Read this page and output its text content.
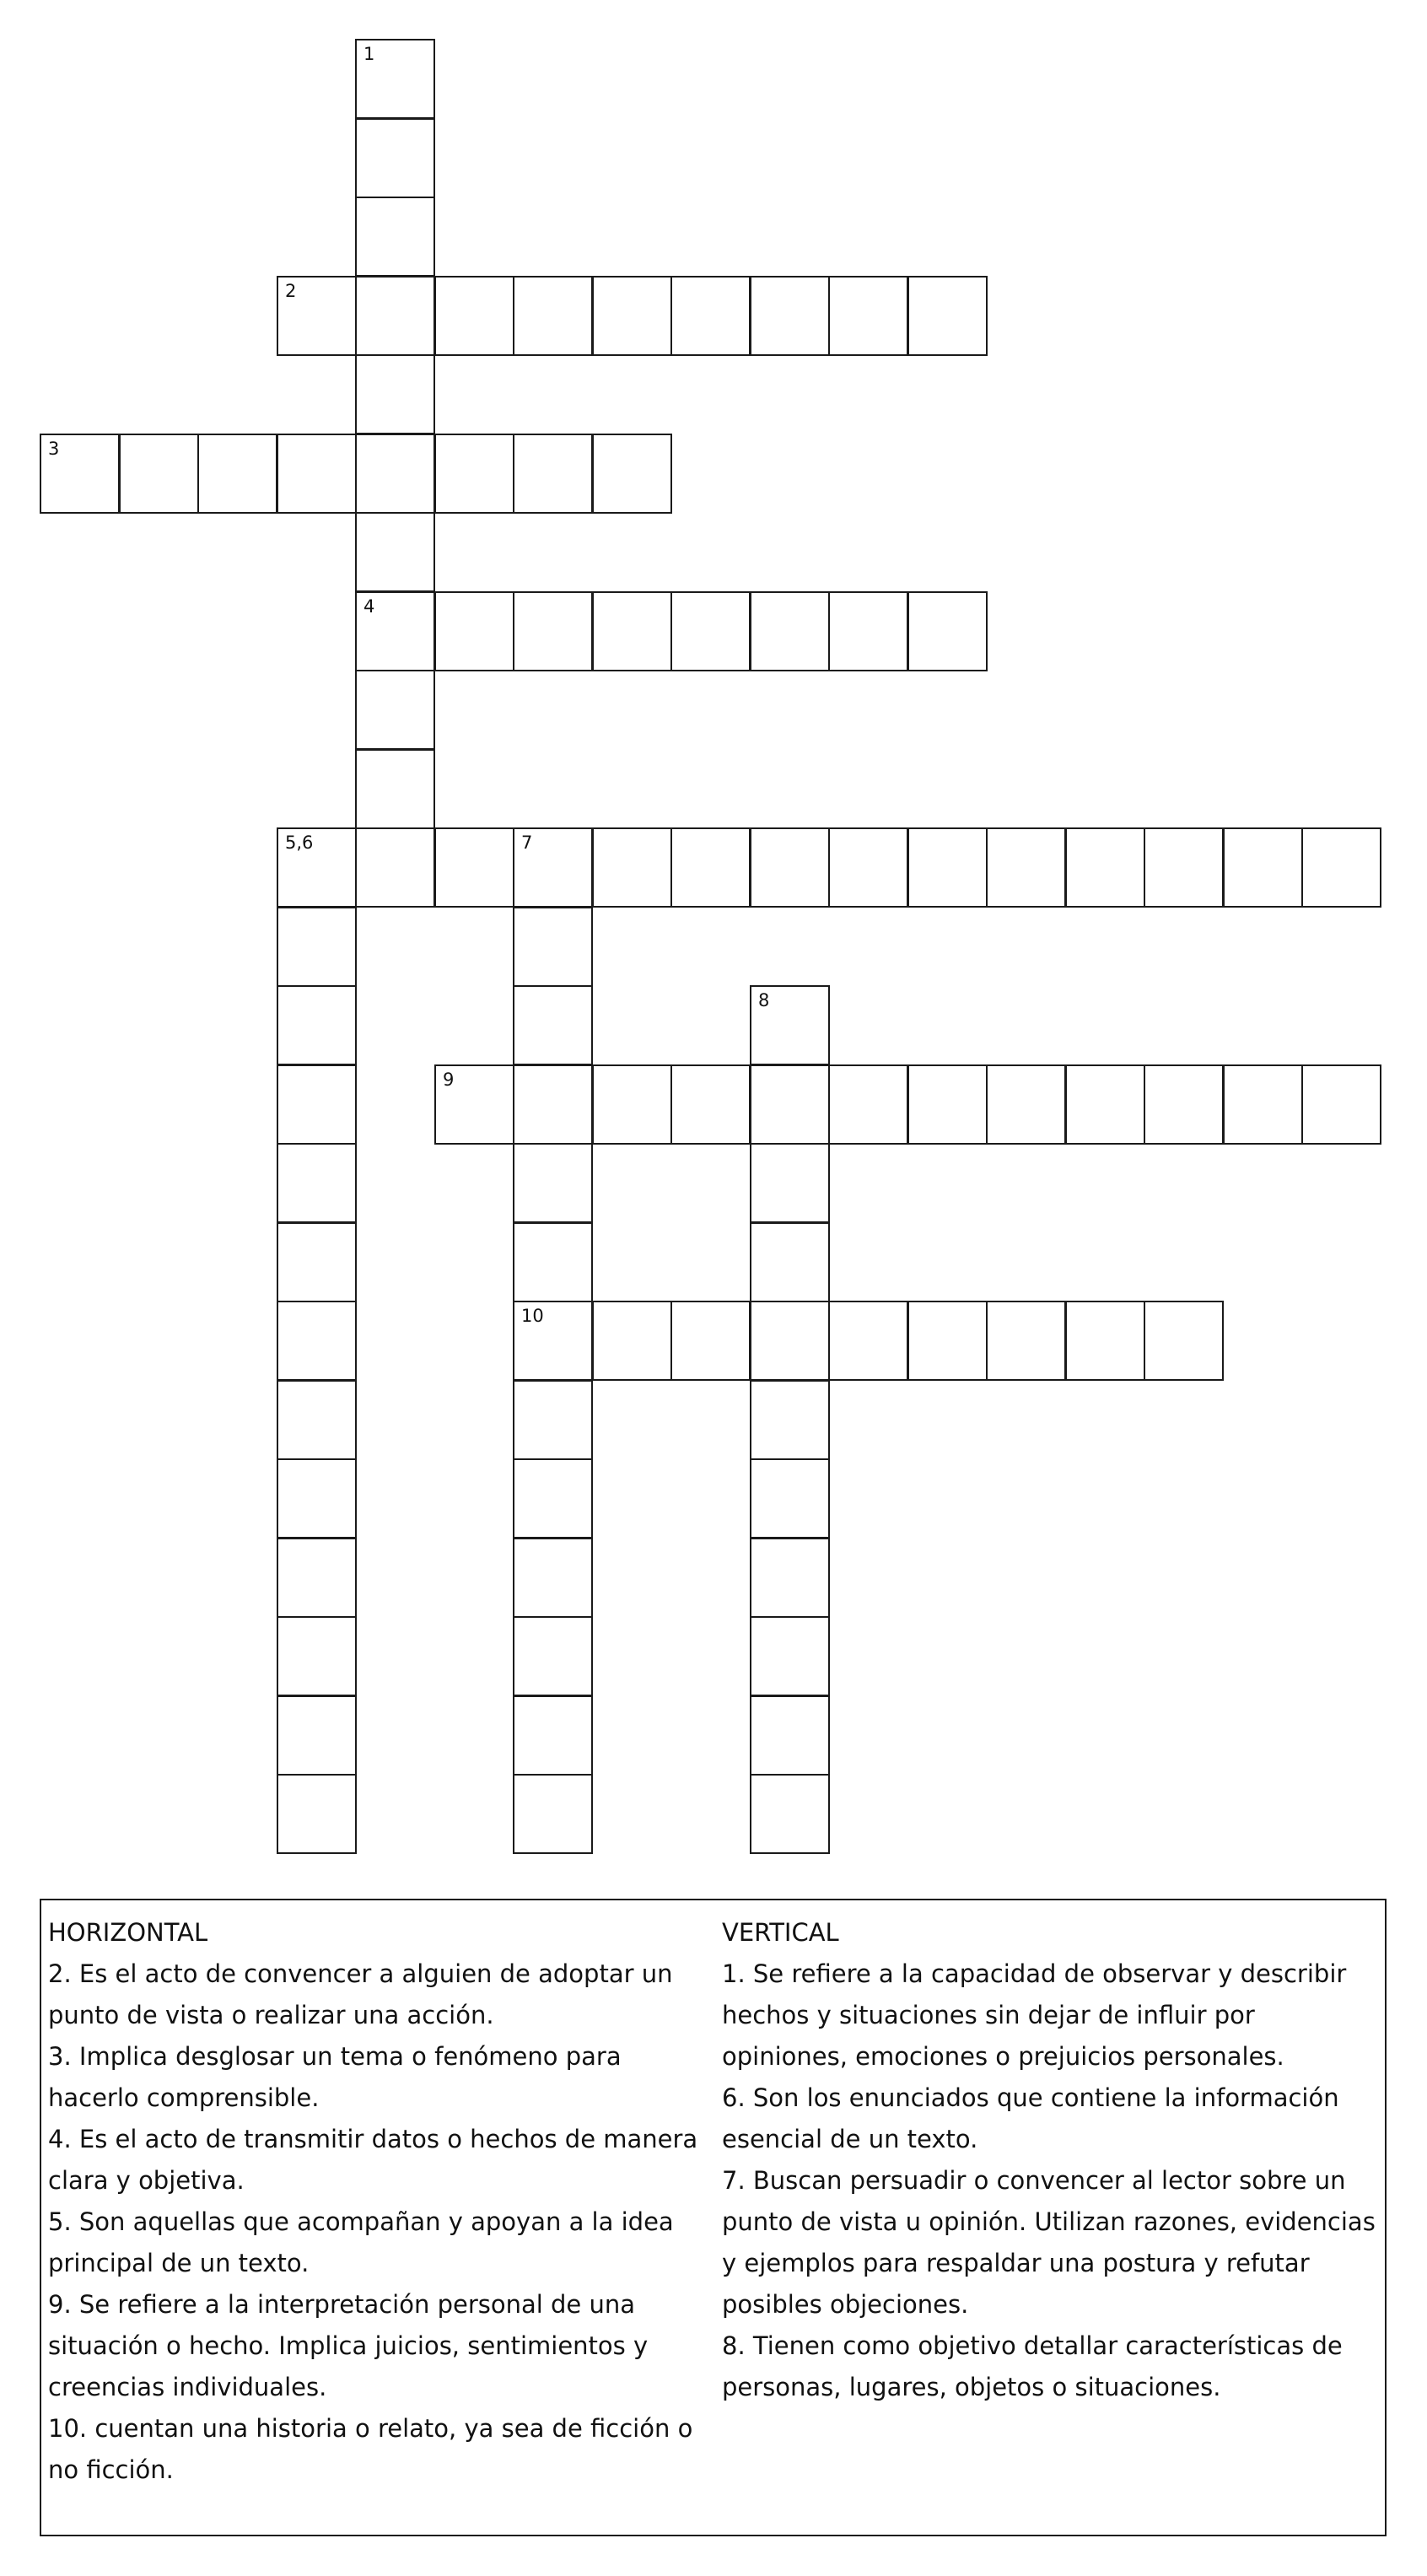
1
2
3
4
5,6	7
8
9
10

HORIZONTAL

2. Es el acto de convencer a alguien de adoptar un punto de vista o realizar una acción.

3. Implica desglosar un tema o fenómeno para hacerlo comprensible.

4. Es el acto de transmitir datos o hechos de manera clara y objetiva.

5. Son aquellas que acompañan y apoyan a la idea principal de un texto.

9. Se refiere a la interpretación personal de una situación o hecho. Implica juicios, sentimientos y creencias individuales.

10. cuentan una historia o relato, ya sea de ficción o no ficción.

VERTICAL

1. Se refiere a la capacidad de observar y describir hechos y situaciones sin dejar de influir por opiniones, emociones o prejuicios personales.

6. Son los enunciados que contiene la información esencial de un texto.

7. Buscan persuadir o convencer al lector sobre un punto de vista u opinión. Utilizan razones, evidencias y ejemplos para respaldar una postura y refutar posibles objeciones.

8. Tienen como objetivo detallar características de personas, lugares, objetos o situaciones.
